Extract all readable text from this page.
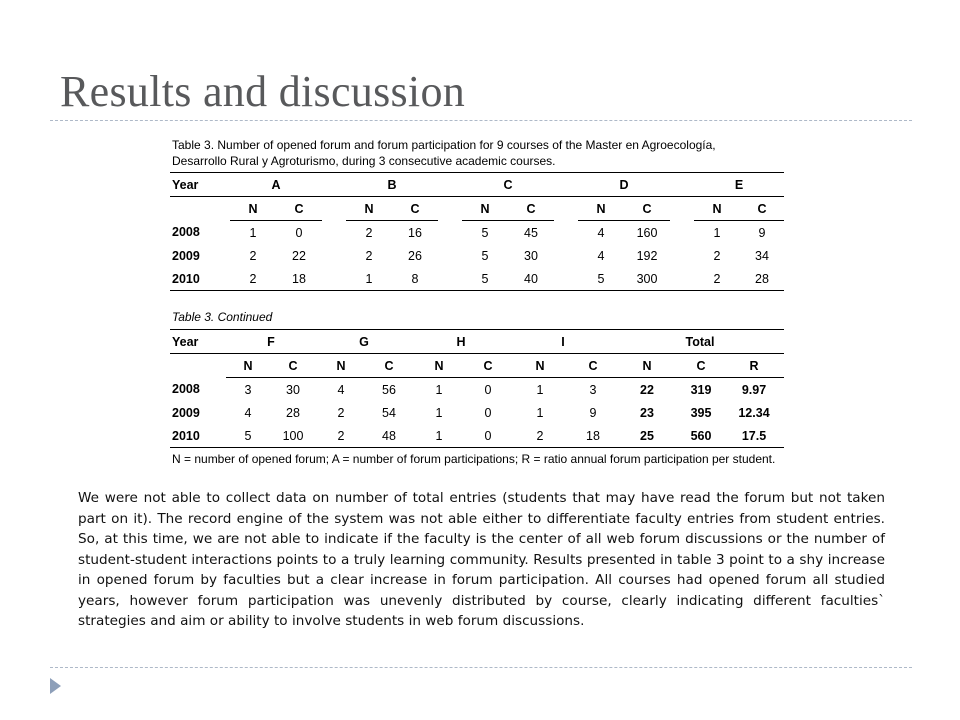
Results and discussion
Table 3. Number of opened forum and forum participation for 9 courses of the Master en Agroecología, Desarrollo Rural y Agroturismo, during 3 consecutive academic courses.
Year		A			B			C			D			E	
		N	C		N	C		N	C		N	C		N	C
2008		1	0		2	16		5	45		4	160		1	9
2009		2	22		2	26		5	30		4	192		2	34
2010		2	18		1	8		5	40		5	300		2	28
Table 3. Continued
Year	F		G		H		I		Total		
	N	C	N	C	N	C	N	C	N	C	R
2008	3	30	4	56	1	0	1	3	22	319	9.97
2009	4	28	2	54	1	0	1	9	23	395	12.34
2010	5	100	2	48	1	0	2	18	25	560	17.5
N = number of opened forum; A = number of forum participations; R = ratio annual forum participation per student.
We were not able to collect data on number of total entries (students that may have read the forum but not taken part on it). The record engine of the system was not able either to differentiate faculty entries from student entries. So, at this time, we are not able to indicate if the faculty is the center of all web forum discussions or the number of student-student interactions points to a truly learning community. Results presented in table 3 point to a shy increase in opened forum by faculties but a clear increase in forum participation. All courses had opened forum all studied years, however forum participation was unevenly distributed by course, clearly indicating different faculties` strategies and aim or ability to involve students in web forum discussions.
